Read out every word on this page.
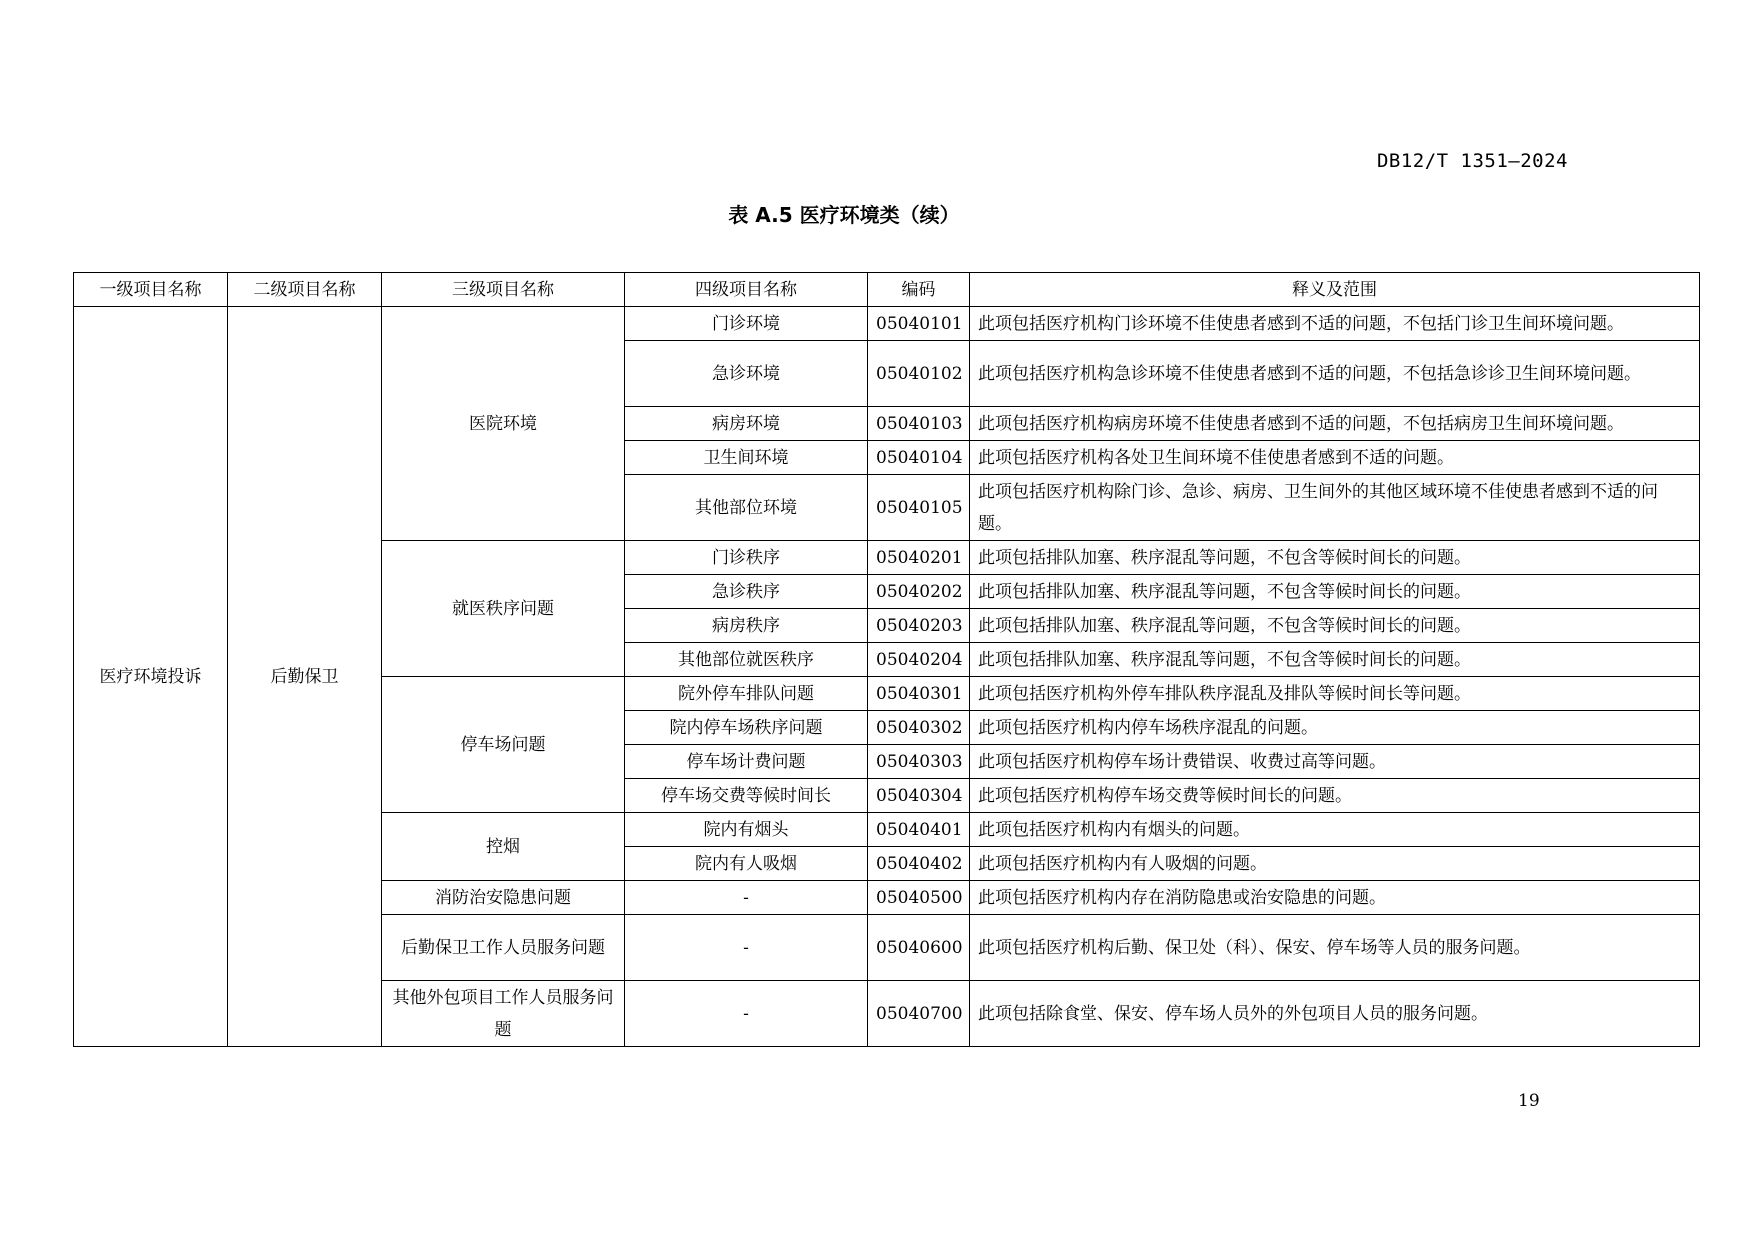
DB12/T 1351—2024
表 A.5 医疗环境类（续）
一级项目名称	二级项目名称	三级项目名称	四级项目名称	编码	释义及范围
医疗环境投诉	后勤保卫	医院环境	门诊环境	05040101	此项包括医疗机构门诊环境不佳使患者感到不适的问题，不包括门诊卫生间环境问题。
			急诊环境	05040102	此项包括医疗机构急诊环境不佳使患者感到不适的问题，不包括急诊诊卫生间环境问题。
			病房环境	05040103	此项包括医疗机构病房环境不佳使患者感到不适的问题，不包括病房卫生间环境问题。
			卫生间环境	05040104	此项包括医疗机构各处卫生间环境不佳使患者感到不适的问题。
			其他部位环境	05040105	此项包括医疗机构除门诊、急诊、病房、卫生间外的其他区域环境不佳使患者感到不适的问题。
		就医秩序问题	门诊秩序	05040201	此项包括排队加塞、秩序混乱等问题，不包含等候时间长的问题。
			急诊秩序	05040202	此项包括排队加塞、秩序混乱等问题，不包含等候时间长的问题。
			病房秩序	05040203	此项包括排队加塞、秩序混乱等问题，不包含等候时间长的问题。
			其他部位就医秩序	05040204	此项包括排队加塞、秩序混乱等问题，不包含等候时间长的问题。
		停车场问题	院外停车排队问题	05040301	此项包括医疗机构外停车排队秩序混乱及排队等候时间长等问题。
			院内停车场秩序问题	05040302	此项包括医疗机构内停车场秩序混乱的问题。
			停车场计费问题	05040303	此项包括医疗机构停车场计费错误、收费过高等问题。
			停车场交费等候时间长	05040304	此项包括医疗机构停车场交费等候时间长的问题。
		控烟	院内有烟头	05040401	此项包括医疗机构内有烟头的问题。
			院内有人吸烟	05040402	此项包括医疗机构内有人吸烟的问题。
		消防治安隐患问题	-	05040500	此项包括医疗机构内存在消防隐患或治安隐患的问题。
		后勤保卫工作人员服务问题	-	05040600	此项包括医疗机构后勤、保卫处（科）、保安、停车场等人员的服务问题。
		其他外包项目工作人员服务问题	-	05040700	此项包括除食堂、保安、停车场人员外的外包项目人员的服务问题。
19
